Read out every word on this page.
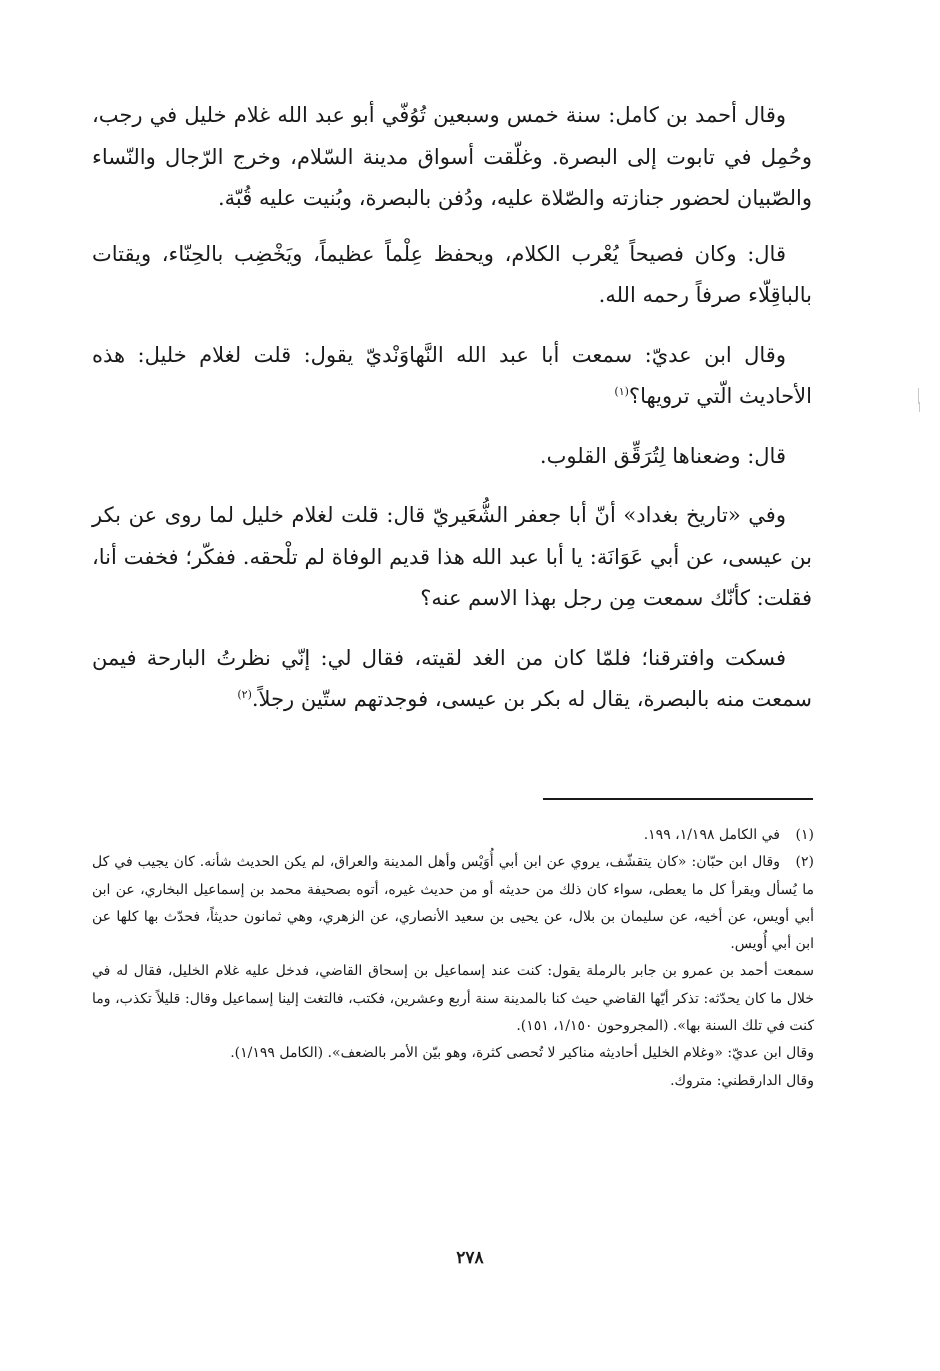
وقال أحمد بن كامل: سنة خمس وسبعين تُوُفّي أبو عبد الله غلام خليل في رجب، وحُمِل في تابوت إلى البصرة. وغلّقت أسواق مدينة السّلام، وخرج الرّجال والنّساء والصّبيان لحضور جنازته والصّلاة عليه، ودُفن بالبصرة، وبُنيت عليه قُبّة.

قال: وكان فصيحاً يُعْرب الكلام، ويحفظ عِلْماً عظيماً، ويَخْضِب بالحِنّاء، ويقتات بالباقِلّاء صرفاً رحمه الله.

وقال ابن عديّ: سمعت أبا عبد الله النَّهاوَنْديّ يقول: قلت لغلام خليل: هذه الأحاديث الّتي ترويها؟$^{(١)}$

قال: وضعناها لِتُرَقِّق القلوب.

وفي «تاريخ بغداد» أنّ أبا جعفر الشُّعَيريّ قال: قلت لغلام خليل لما روى عن بكر بن عيسى، عن أبي عَوَانَة: يا أبا عبد الله هذا قديم الوفاة لم تلْحقه. ففكّر؛ فخفت أنا، فقلت: كأنّك سمعت مِن رجل بهذا الاسم عنه؟

فسكت وافترقنا؛ فلمّا كان من الغد لقيته، فقال لي: إنّي نظرتُ البارحة فيمن سمعت منه بالبصرة، يقال له بكر بن عيسى، فوجدتهم ستّين رجلاً.$^{(٢)}$

(١)في الكامل ١/١٩٨، ١٩٩.

(٢)وقال ابن حبّان: «كان يتقشّف، يروي عن ابن أبي أُوَيْس وأهل المدينة والعراق، لم يكن الحديث شأنه. كان يجيب في كل ما يُسأل ويقرأ كل ما يعطى، سواء كان ذلك من حديثه أو من حديث غيره، أتوه بصحيفة محمد بن إسماعيل البخاري، عن ابن أبي أويس، عن أخيه، عن سليمان بن بلال، عن يحيى بن سعيد الأنصاري، عن الزهري، وهي ثمانون حديثاً، فحدّث بها كلها عن ابن أبي أُويس.

سمعت أحمد بن عمرو بن جابر بالرملة يقول: كنت عند إسماعيل بن إسحاق القاضي، فدخل عليه غلام الخليل، فقال له في خلال ما كان يحدّثه: تذكر أيّها القاضي حيث كنا بالمدينة سنة أربع وعشرين، فكتب، فالتغت إلينا إسماعيل وقال: قليلاً تكذب، وما كنت في تلك السنة بها». (المجروحون ١/١٥٠، ١٥١).

وقال ابن عديّ: «وغلام الخليل أحاديثه مناكير لا تُحصى كثرة، وهو بيّن الأمر بالضعف». (الكامل ١/١٩٩).

وقال الدارقطني: متروك.

٢٧٨
